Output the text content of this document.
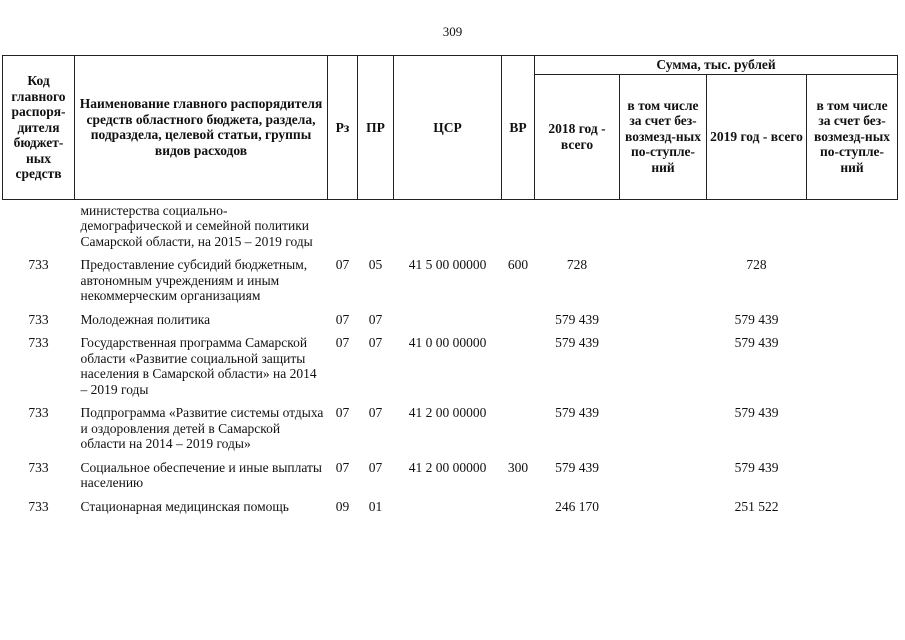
309
Код главного распоря-дителя бюджет-ных средств	Наименование главного распорядителя средств областного бюджета, раздела, подраздела, целевой статьи, группы видов расходов	Рз	ПР	ЦСР	ВР	Сумма, тыс. рублей			
						2018 год - всего	в том числе за счет без-возмезд-ных по-ступле-ний	2019 год - всего	в том числе за счет без-возмезд-ных по-ступле-ний
	министерства социально-демографической и семейной политики Самарской области, на 2015 – 2019 годы								
733	Предоставление субсидий бюджетным, автономным учреждениям и иным некоммерческим организациям	07	05	41 5 00 00000	600	728		728	
733	Молодежная политика	07	07			579 439		579 439	
733	Государственная программа Самарской области «Развитие социальной защиты населения в Самарской области» на 2014 – 2019 годы	07	07	41 0 00 00000		579 439		579 439	
733	Подпрограмма «Развитие системы отдыха и оздоровления детей в Самарской области на 2014 – 2019 годы»	07	07	41 2 00 00000		579 439		579 439	
733	Социальное обеспечение и иные выплаты населению	07	07	41 2 00 00000	300	579 439		579 439	
733	Стационарная медицинская помощь	09	01			246 170		251 522	
